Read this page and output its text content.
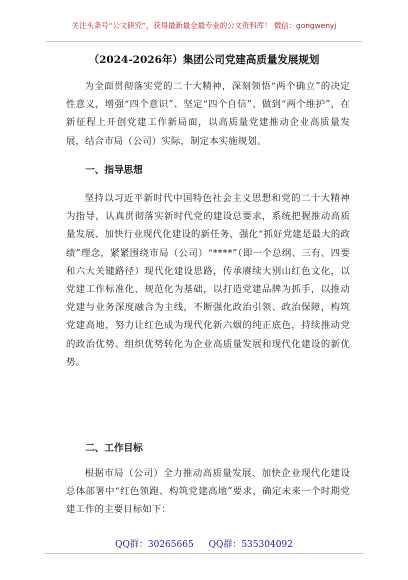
关注头条号“公文研究”，获得最新最全最专业的公文资料库！ 微信：gongwenyj
（2024-2026年）集团公司党建高质量发展规划

为全面贯彻落实党的二十大精神，深刻领悟“两个确立”的决定性意义，增强“四个意识”、坚定“四个自信”、做到“两个维护”，在新征程上开创党建工作新局面，以高质量党建推动企业高质量发展，结合市局（公司）实际，制定本实施规划。

一、指导思想

坚持以习近平新时代中国特色社会主义思想和党的二十大精神为指导，认真贯彻落实新时代党的建设总要求，系统把握推动高质量发展、加快行业现代化建设的新任务，强化“抓好党建是最大的政绩”理念，紧紧围绕市局（公司）“****”（即一个总纲、三有、四要和六大关键路径）现代化建设思路，传承赓续大别山红色文化，以党建工作标准化、规范化为基础，以打造党建品牌为抓手，以推动党建与业务深度融合为主线，不断强化政治引领、政治保障，构筑党建高地，努力让红色成为现代化新六烟的纯正底色，持续推动党的政治优势、组织优势转化为企业高质量发展和现代化建设的新优势。

二、工作目标

根据市局（公司）全力推动高质量发展、加快企业现代化建设总体部署中“红色领跑、构筑党建高地”要求，确定未来一个时期党建工作的主要目标如下：

QQ群：30265665 QQ群：535304092
